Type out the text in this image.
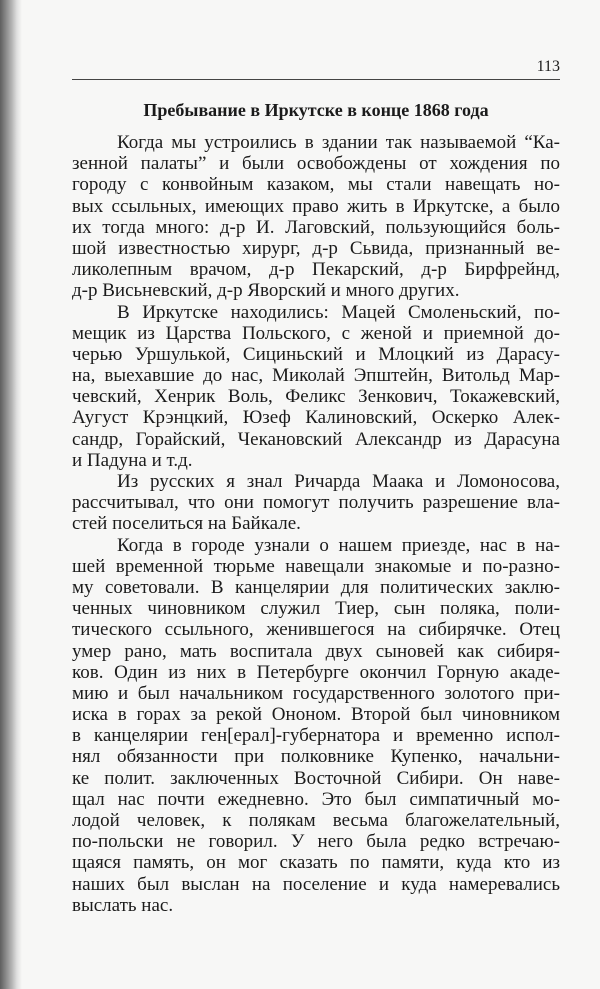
113
Пребывание в Иркутске в конце 1868 года
Когда мы устроились в здании так называемой “Ка-
зенной палаты” и были освобождены от хождения по
городу с конвойным казаком, мы стали навещать но-
вых ссыльных, имеющих право жить в Иркутске, а было
их тогда много: д-р И. Лаговский, пользующийся боль-
шой известностью хирург, д-р Сьвида, признанный ве-
ликолепным врачом, д-р Пекарский, д-р Бирфрейнд,
д-р Висьневский, д-р Яворский и много других.
В Иркутске находились: Мацей Смоленьский, по-
мещик из Царства Польского, с женой и приемной до-
черью Уршулькой, Сициньский и Млоцкий из Дарасу-
на, выехавшие до нас, Миколай Эпштейн, Витольд Мар-
чевский, Хенрик Воль, Феликс Зенкович, Токажевский,
Аугуст Крэнцкий, Юзеф Калиновский, Оскерко Алек-
сандр, Горайский, Чекановский Александр из Дарасуна
и Падуна и т.д.
Из русских я знал Ричарда Маака и Ломоносова,
рассчитывал, что они помогут получить разрешение вла-
стей поселиться на Байкале.
Когда в городе узнали о нашем приезде, нас в на-
шей временной тюрьме навещали знакомые и по-разно-
му советовали. В канцелярии для политических заклю-
ченных чиновником служил Тиер, сын поляка, поли-
тического ссыльного, женившегося на сибирячке. Отец
умер рано, мать воспитала двух сыновей как сибиря-
ков. Один из них в Петербурге окончил Горную акаде-
мию и был начальником государственного золотого при-
иска в горах за рекой Ононом. Второй был чиновником
в канцелярии ген[ерал]-губернатора и временно испол-
нял обязанности при полковнике Купенко, начальни-
ке полит. заключенных Восточной Сибири. Он наве-
щал нас почти ежедневно. Это был симпатичный мо-
лодой человек, к полякам весьма благожелательный,
по-польски не говорил. У него была редко встречаю-
щаяся память, он мог сказать по памяти, куда кто из
наших был выслан на поселение и куда намеревались
выслать нас.
